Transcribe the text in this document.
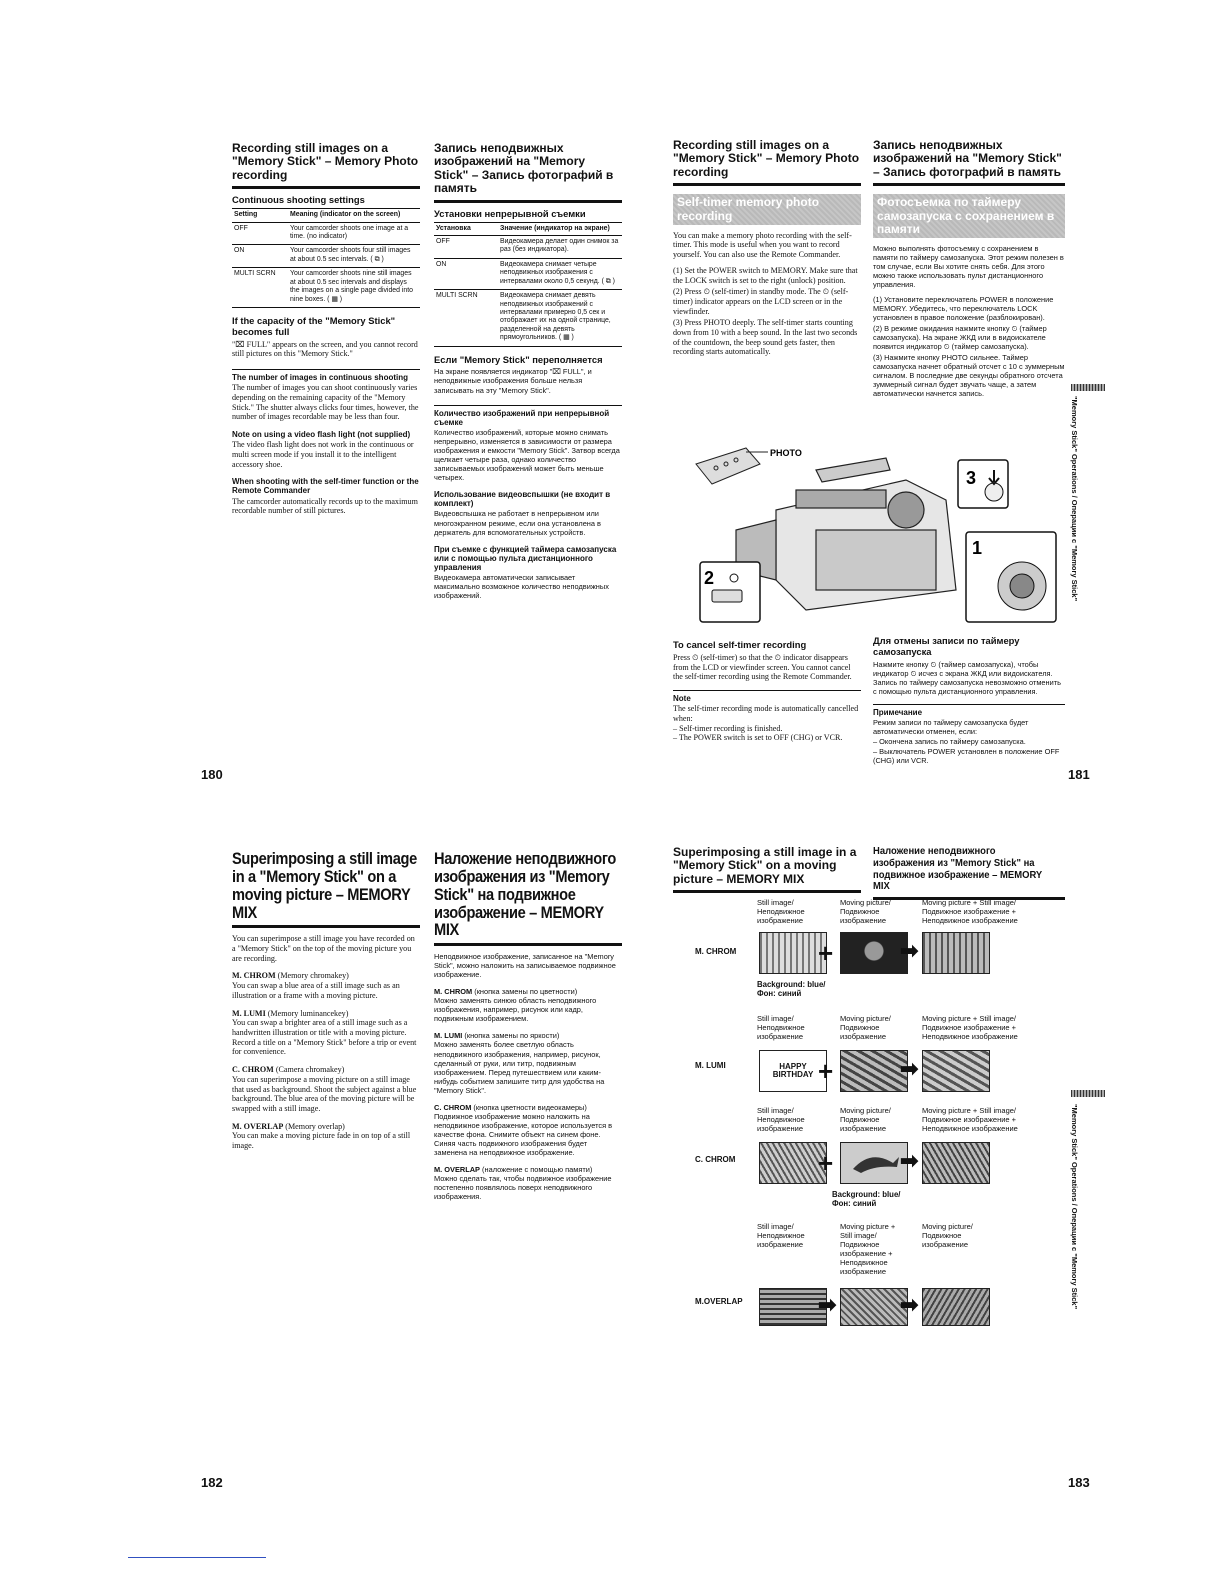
Recording still images on a "Memory Stick" – Memory Photo recording
Continuous shooting settings
Setting	Meaning (indicator on the screen)
OFF	Your camcorder shoots one image at a time. (no indicator)
ON	Your camcorder shoots four still images at about 0.5 sec intervals. ( ⧉ )
MULTI SCRN	Your camcorder shoots nine still images at about 0.5 sec intervals and displays the images on a single page divided into nine boxes. ( ▦ )
If the capacity of the "Memory Stick" becomes full
"⌧ FULL" appears on the screen, and you cannot record still pictures on this "Memory Stick."
The number of images in continuous shooting
The number of images you can shoot continuously varies depending on the remaining capacity of the "Memory Stick." The shutter always clicks four times, however, the number of images recordable may be less than four.
Note on using a video flash light (not supplied)
The video flash light does not work in the continuous or multi screen mode if you install it to the intelligent accessory shoe.
When shooting with the self-timer function or the Remote Commander
The camcorder automatically records up to the maximum recordable number of still pictures.
Запись неподвижных изображений на "Memory Stick" – Запись фотографий в память
Установки непрерывной съемки
Установка	Значение (индикатор на экране)
OFF	Видеокамера делает один снимок за раз (без индикатора).
ON	Видеокамера снимает четыре неподвижных изображения с интервалами около 0,5 секунд. ( ⧉ )
MULTI SCRN	Видеокамера снимает девять неподвижных изображений с интервалами примерно 0,5 сек и отображает их на одной странице, разделенной на девять прямоугольников. ( ▦ )
Если "Memory Stick" переполняется
На экране появляется индикатор "⌧ FULL", и неподвижные изображения больше нельзя записывать на эту "Memory Stick".
Количество изображений при непрерывной съемке
Количество изображений, которые можно снимать непрерывно, изменяется в зависимости от размера изображения и емкости "Memory Stick". Затвор всегда щелкает четыре раза, однако количество записываемых изображений может быть меньше четырех.
Использование видеовспышки (не входит в комплект)
Видеовспышка не работает в непрерывном или многоэкранном режиме, если она установлена в держатель для вспомогательных устройств.
При съемке с функцией таймера самозапуска или с помощью пульта дистанционного управления
Видеокамера автоматически записывает максимально возможное количество неподвижных изображений.
180
Recording still images on a "Memory Stick" – Memory Photo recording
Self-timer memory photo recording
You can make a memory photo recording with the self-timer. This mode is useful when you want to record yourself. You can also use the Remote Commander.
(1) Set the POWER switch to MEMORY. Make sure that the LOCK switch is set to the right (unlock) position.
(2) Press ⏲ (self-timer) in standby mode. The ⏲ (self-timer) indicator appears on the LCD screen or in the viewfinder.
(3) Press PHOTO deeply. The self-timer starts counting down from 10 with a beep sound. In the last two seconds of the countdown, the beep sound gets faster, then recording starts automatically.
Запись неподвижных изображений на "Memory Stick" – Запись фотографий в память
Фотосъемка по таймеру самозапуска с сохранением в памяти
Можно выполнять фотосъемку с сохранением в памяти по таймеру самозапуска. Этот режим полезен в том случае, если Вы хотите снять себя. Для этого можно также использовать пульт дистанционного управления.
(1) Установите переключатель POWER в положение MEMORY. Убедитесь, что переключатель LOCK установлен в правое положение (разблокирован).
(2) В режиме ожидания нажмите кнопку ⏲ (таймер самозапуска). На экране ЖКД или в видоискателе появится индикатор ⏲ (таймер самозапуска).
(3) Нажмите кнопку PHOTO сильнее. Таймер самозапуска начнет обратный отсчет с 10 с зуммерным сигналом. В последние две секунды обратного отсчета зуммерный сигнал будет звучать чаще, а затем автоматически начнется запись.
PHOTO
3
1
2
To cancel self-timer recording
Press ⏲ (self-timer) so that the ⏲ indicator disappears from the LCD or viewfinder screen. You cannot cancel the self-timer recording using the Remote Commander.
Note
The self-timer recording mode is automatically cancelled when:
– Self-timer recording is finished.
– The POWER switch is set to OFF (CHG) or VCR.
Для отмены записи по таймеру самозапуска
Нажмите кнопку ⏲ (таймер самозапуска), чтобы индикатор ⏲ исчез с экрана ЖКД или видоискателя. Запись по таймеру самозапуска невозможно отменить с помощью пульта дистанционного управления.
Примечание
Режим записи по таймеру самозапуска будет автоматически отменен, если:
– Окончена запись по таймеру самозапуска.
– Выключатель POWER установлен в положение OFF (CHG) или VCR.
"Memory Stick" Operations / Операции с "Memory Stick"
181
Superimposing a still image in a "Memory Stick" on a moving picture – MEMORY MIX
You can superimpose a still image you have recorded on a "Memory Stick" on the top of the moving picture you are recording.
M. CHROM (Memory chromakey)
You can swap a blue area of a still image such as an illustration or a frame with a moving picture.
M. LUMI (Memory luminancekey)
You can swap a brighter area of a still image such as a handwritten illustration or title with a moving picture. Record a title on a "Memory Stick" before a trip or event for convenience.
C. CHROM (Camera chromakey)
You can superimpose a moving picture on a still image that used as background. Shoot the subject against a blue background. The blue area of the moving picture will be swapped with a still image.
M. OVERLAP (Memory overlap)
You can make a moving picture fade in on top of a still image.
Наложение неподвижного изображения из "Memory Stick" на подвижное изображение – MEMORY MIX
Неподвижное изображение, записанное на "Memory Stick", можно наложить на записываемое подвижное изображение.
M. CHROM (кнопка замены по цветности)
Можно заменять синюю область неподвижного изображения, например, рисунок или кадр, подвижным изображением.
M. LUMI (кнопка замены по яркости)
Можно заменять более светлую область неподвижного изображения, например, рисунок, сделанный от руки, или титр, подвижным изображением. Перед путешествием или каким-нибудь событием запишите титр для удобства на "Memory Stick".
C. CHROM (кнопка цветности видеокамеры)
Подвижное изображение можно наложить на неподвижное изображение, которое используется в качестве фона. Снимите объект на синем фоне. Синяя часть подвижного изображения будет заменена на неподвижное изображение.
M. OVERLAP (наложение с помощью памяти)
Можно сделать так, чтобы подвижное изображение постепенно появлялось поверх неподвижного изображения.
182
Superimposing a still image in a "Memory Stick" on a moving picture – MEMORY MIX
Наложение неподвижного изображения из "Memory Stick" на подвижное изображение – MEMORY MIX
Still image/
Неподвижное
изображение
Moving picture/
Подвижное
изображение
Moving picture + Still image/
Подвижное изображение +
Неподвижное изображение
M. CHROM	+	➡
Background: blue/
Фон: синий
Still image/
Неподвижное
изображение
Moving picture/
Подвижное
изображение
Moving picture + Still image/
Подвижное изображение +
Неподвижное изображение
M. LUMI	HAPPY
BIRTHDAY +	➡
Still image/
Неподвижное
изображение
Moving picture/
Подвижное
изображение
Moving picture + Still image/
Подвижное изображение +
Неподвижное изображение
C. CHROM	+	➡
Background: blue/
Фон: синий
Still image/
Неподвижное
изображение
Moving picture +
Still image/
Подвижное
изображение +
Неподвижное
изображение
Moving picture/
Подвижное
изображение
M.OVERLAP	➡	➡	"Memory Stick" Operations / Операции с "Memory Stick"
183
